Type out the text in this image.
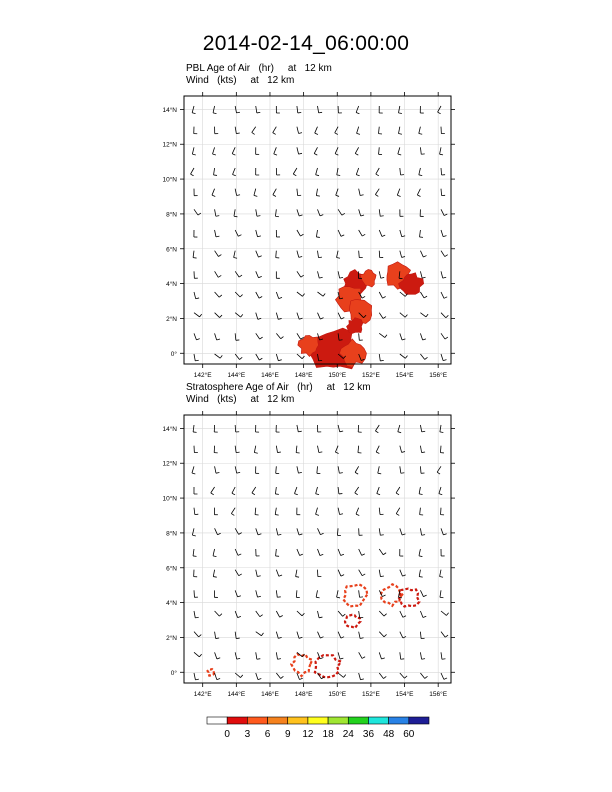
2014-02-14_06:00:00
PBL Age of Air   (hr)     at   12 km
Wind   (kts)     at   12 km
Stratosphere Age of Air   (hr)     at   12 km
Wind   (kts)     at   12 km
142°E 144°E 146°E 148°E 150°E 152°E 154°E 156°E
0°
2°N
4°N
6°N
8°N
10°N
12°N
14°N
142°E 144°E 146°E 148°E 150°E 152°E 154°E 156°E
0°
2°N
4°N
6°N
8°N
10°N
12°N
14°N
0 3 6 9 12 18 24 36 48 60
